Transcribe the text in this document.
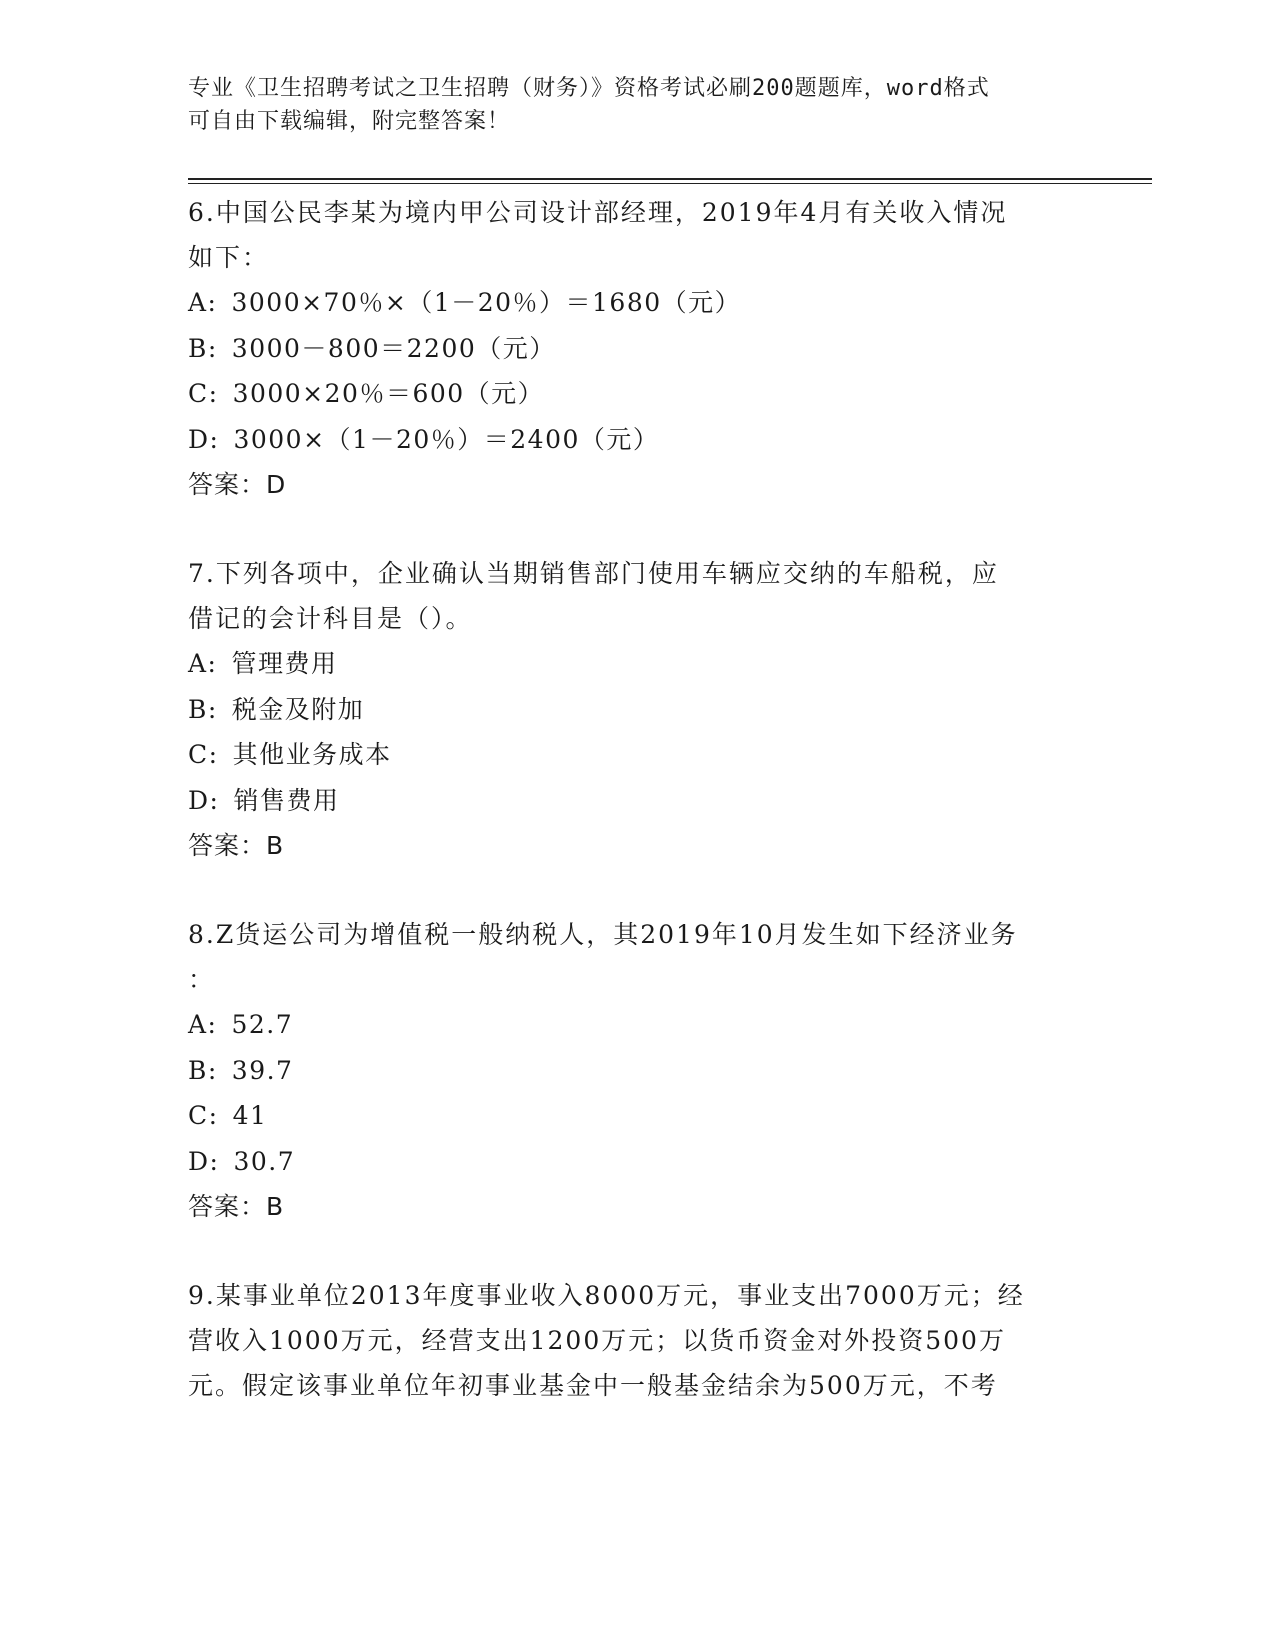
专业《卫生招聘考试之卫生招聘（财务）》资格考试必刷200题题库，word格式
可自由下载编辑，附完整答案！
6.中国公民李某为境内甲公司设计部经理，2019年4月有关收入情况
如下：
A: 3000×70％×（1－20％）＝1680（元）
B: 3000－800＝2200（元）
C: 3000×20％＝600（元）
D: 3000×（1－20％）＝2400（元）
答案：D
7.下列各项中，企业确认当期销售部门使用车辆应交纳的车船税，应
借记的会计科目是（）。
A: 管理费用
B: 税金及附加
C: 其他业务成本
D: 销售费用
答案：B
8.Z货运公司为增值税一般纳税人，其2019年10月发生如下经济业务
：
A: 52.7
B: 39.7
C: 41
D: 30.7
答案：B
9.某事业单位2013年度事业收入8000万元，事业支出7000万元；经
营收入1000万元，经营支出1200万元；以货币资金对外投资500万
元。假定该事业单位年初事业基金中一般基金结余为500万元，不考
